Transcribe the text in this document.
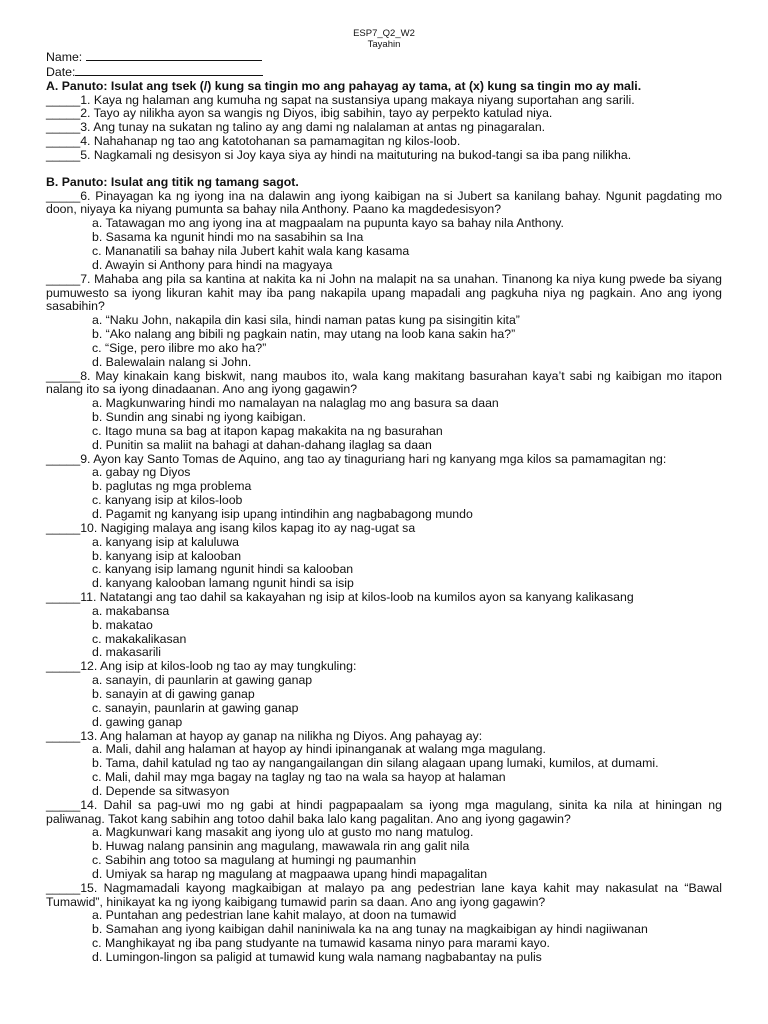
ESP7_Q2_W2
Tayahin
Name:
Date:
A. Panuto: Isulat ang tsek (/) kung sa tingin mo ang pahayag ay tama, at (x) kung sa tingin mo ay mali.
_____1. Kaya ng halaman ang kumuha ng sapat na sustansiya upang makaya niyang suportahan ang sarili.
_____2. Tayo ay nilikha ayon sa wangis ng Diyos, ibig sabihin, tayo ay perpekto katulad niya.
_____3. Ang tunay na sukatan ng talino ay ang dami ng nalalaman at antas ng pinagaralan.
_____4. Nahahanap ng tao ang katotohanan sa pamamagitan ng kilos-loob.
_____5. Nagkamali ng desisyon si Joy kaya siya ay hindi na maituturing na bukod-tangi sa iba pang nilikha.
B. Panuto: Isulat ang titik ng tamang sagot.
_____6. Pinayagan ka ng iyong ina na dalawin ang iyong kaibigan na si Jubert sa kanilang bahay. Ngunit pagdating mo doon, niyaya ka niyang pumunta sa bahay nila Anthony. Paano ka magdedesisyon?
a. Tatawagan mo ang iyong ina at magpaalam na pupunta kayo sa bahay nila Anthony.
b. Sasama ka ngunit hindi mo na sasabihin sa Ina
c. Mananatili sa bahay nila Jubert kahit wala kang kasama
d. Awayin si Anthony para hindi na magyaya
_____7. Mahaba ang pila sa kantina at nakita ka ni John na malapit na sa unahan. Tinanong ka niya kung pwede ba siyang pumuwesto sa iyong likuran kahit may iba pang nakapila upang mapadali ang pagkuha niya ng pagkain. Ano ang iyong sasabihin?
a. “Naku John, nakapila din kasi sila, hindi naman patas kung pa sisingitin kita”
b. “Ako nalang ang bibili ng pagkain natin, may utang na loob kana sakin ha?”
c. “Sige, pero ilibre mo ako ha?”
d. Balewalain nalang si John.
_____8. May kinakain kang biskwit, nang maubos ito, wala kang makitang basurahan kaya’t sabi ng kaibigan mo itapon nalang ito sa iyong dinadaanan. Ano ang iyong gagawin?
a. Magkunwaring hindi mo namalayan na nalaglag mo ang basura sa daan
b. Sundin ang sinabi ng iyong kaibigan.
c. Itago muna sa bag at itapon kapag makakita na ng basurahan
d. Punitin sa maliit na bahagi at dahan-dahang ilaglag sa daan
_____9. Ayon kay Santo Tomas de Aquino, ang tao ay tinaguriang hari ng kanyang mga kilos sa pamamagitan ng:
a. gabay ng Diyos
b. paglutas ng mga problema
c. kanyang isip at kilos-loob
d. Pagamit ng kanyang isip upang intindihin ang nagbabagong mundo
_____10. Nagiging malaya ang isang kilos kapag ito ay nag-ugat sa
a. kanyang isip at kaluluwa
b. kanyang isip at kalooban
c. kanyang isip lamang ngunit hindi sa kalooban
d. kanyang kalooban lamang ngunit hindi sa isip
_____11. Natatangi ang tao dahil sa kakayahan ng isip at kilos-loob na kumilos ayon sa kanyang kalikasang
a. makabansa
b. makatao
c. makakalikasan
d. makasarili
_____12. Ang isip at kilos-loob ng tao ay may tungkuling:
a. sanayin, di paunlarin at gawing ganap
b. sanayin at di gawing ganap
c. sanayin, paunlarin at gawing ganap
d. gawing ganap
_____13. Ang halaman at hayop ay ganap na nilikha ng Diyos. Ang pahayag ay:
a. Mali, dahil ang halaman at hayop ay hindi ipinanganak at walang mga magulang.
b. Tama, dahil katulad ng tao ay nangangailangan din silang alagaan upang lumaki, kumilos, at dumami.
c. Mali, dahil may mga bagay na taglay ng tao na wala sa hayop at halaman
d. Depende sa sitwasyon
_____14. Dahil sa pag-uwi mo ng gabi at hindi pagpapaalam sa iyong mga magulang, sinita ka nila at hiningan ng paliwanag. Takot kang sabihin ang totoo dahil baka lalo kang pagalitan. Ano ang iyong gagawin?
a. Magkunwari kang masakit ang iyong ulo at gusto mo nang matulog.
b. Huwag nalang pansinin ang magulang, mawawala rin ang galit nila
c. Sabihin ang totoo sa magulang at humingi ng paumanhin
d. Umiyak sa harap ng magulang at magpaawa upang hindi mapagalitan
_____15. Nagmamadali kayong magkaibigan at malayo pa ang pedestrian lane kaya kahit may nakasulat na “Bawal Tumawid”, hinikayat ka ng iyong kaibigang tumawid parin sa daan. Ano ang iyong gagawin?
a. Puntahan ang pedestrian lane kahit malayo, at doon na tumawid
b. Samahan ang iyong kaibigan dahil naniniwala ka na ang tunay na magkaibigan ay hindi nagiiwanan
c. Manghikayat ng iba pang studyante na tumawid kasama ninyo para marami kayo.
d. Lumingon-lingon sa paligid at tumawid kung wala namang nagbabantay na pulis
